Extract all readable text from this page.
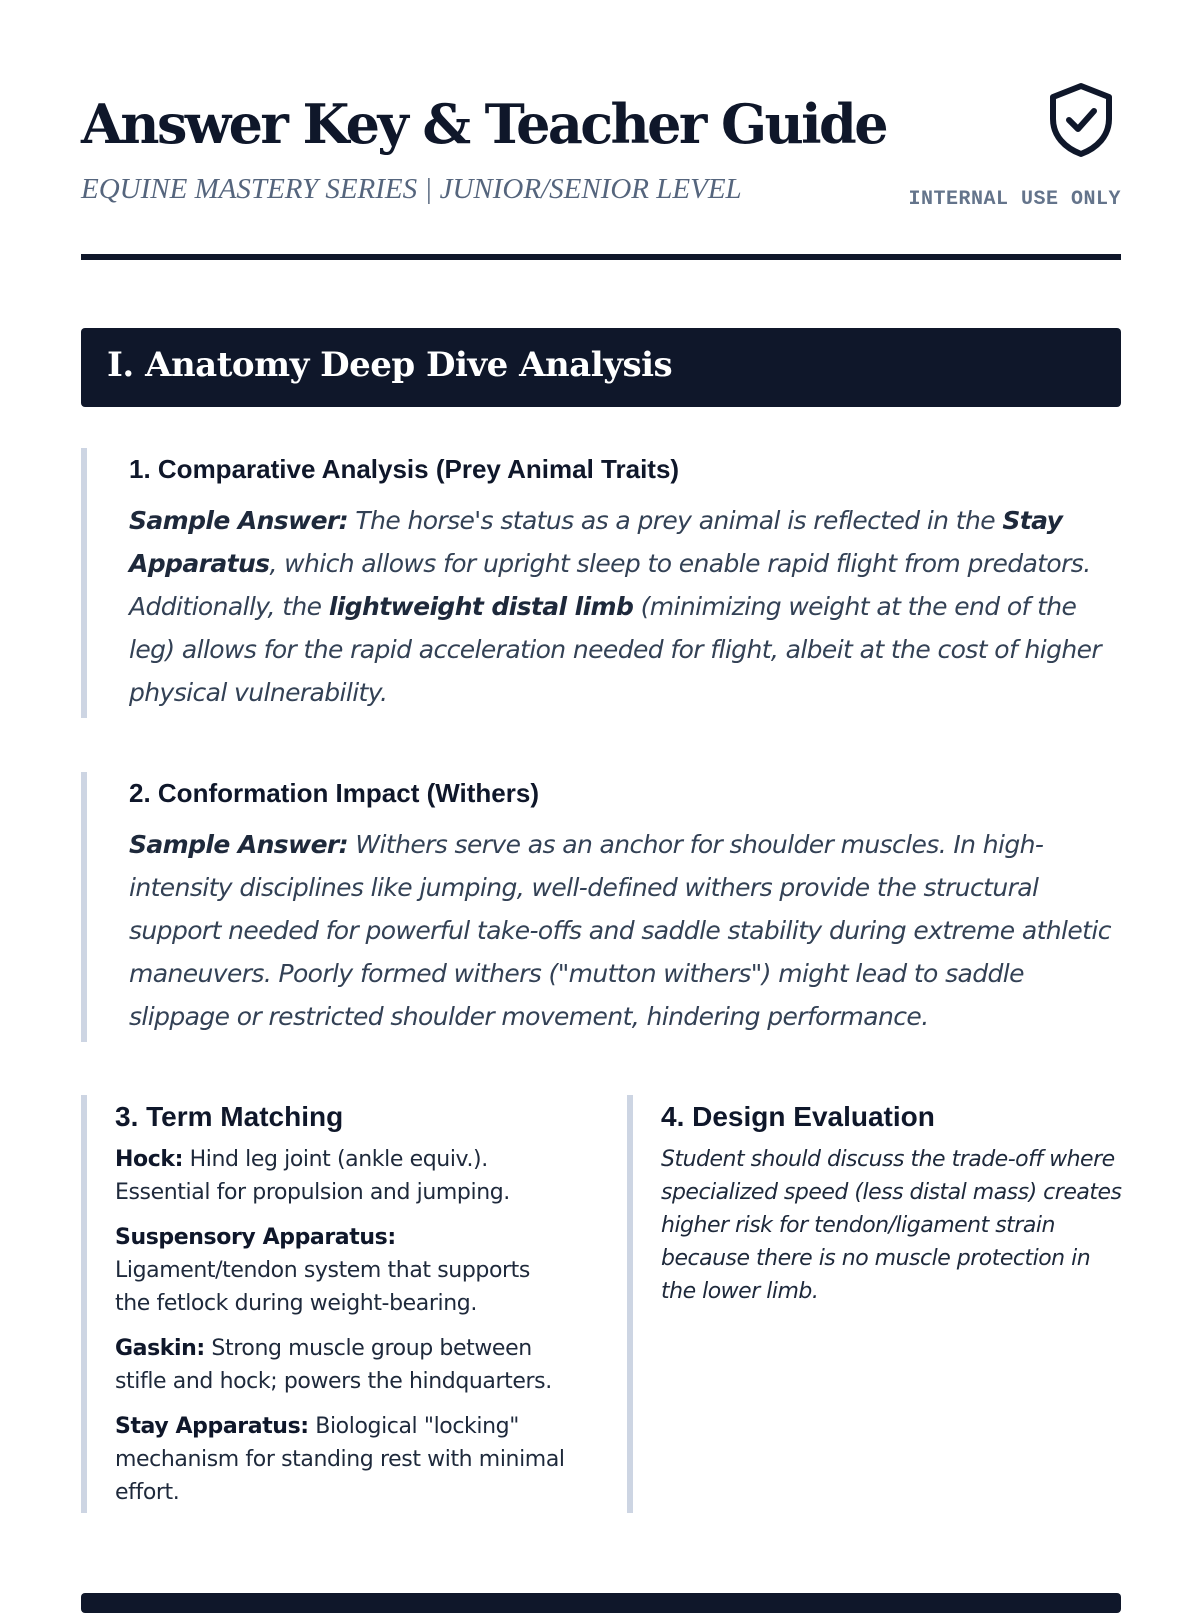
Answer Key & Teacher Guide
EQUINE MASTERY SERIES | JUNIOR/SENIOR LEVEL	INTERNAL USE ONLY
I. Anatomy Deep Dive Analysis
1. Comparative Analysis (Prey Animal Traits)

Sample Answer: The horse's status as a prey animal is reflected in the Stay Apparatus, which allows for upright sleep to enable rapid flight from predators. Additionally, the lightweight distal limb (minimizing weight at the end of the leg) allows for the rapid acceleration needed for flight, albeit at the cost of higher physical vulnerability.

2. Conformation Impact (Withers)

Sample Answer: Withers serve as an anchor for shoulder muscles. In high-intensity disciplines like jumping, well-defined withers provide the structural support needed for powerful take-offs and saddle stability during extreme athletic maneuvers. Poorly formed withers ("mutton withers") might lead to saddle slippage or restricted shoulder movement, hindering performance.

3. Term Matching
Hock: Hind leg joint (ankle equiv.). Essential for propulsion and jumping.
Suspensory Apparatus: Ligament/tendon system that supports the fetlock during weight-bearing.
Gaskin: Strong muscle group between stifle and hock; powers the hindquarters.
Stay Apparatus: Biological "locking" mechanism for standing rest with minimal effort.
4. Design Evaluation

Student should discuss the trade-off where specialized speed (less distal mass) creates higher risk for tendon/ligament strain because there is no muscle protection in the lower limb.
